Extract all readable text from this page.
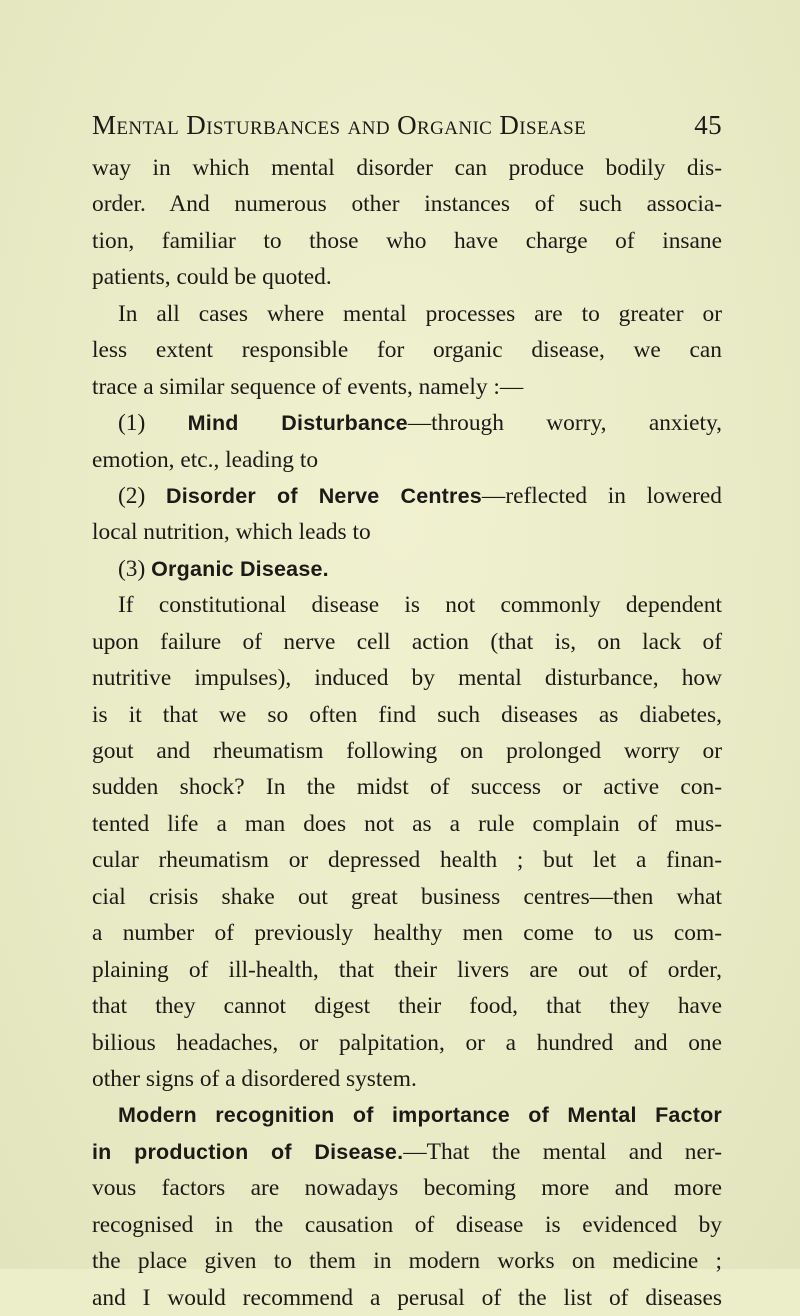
Mental Disturbances and Organic Disease	45
way in which mental disorder can produce bodily dis-
order. And numerous other instances of such associa-
tion, familiar to those who have charge of insane
patients, could be quoted.
In all cases where mental processes are to greater or
less extent responsible for organic disease, we can
trace a similar sequence of events, namely :—
(1) Mind Disturbance—through worry, anxiety,
emotion, etc., leading to
(2) Disorder of Nerve Centres—reflected in lowered
local nutrition, which leads to
(3) Organic Disease.
If constitutional disease is not commonly dependent
upon failure of nerve cell action (that is, on lack of
nutritive impulses), induced by mental disturbance, how
is it that we so often find such diseases as diabetes,
gout and rheumatism following on prolonged worry or
sudden shock? In the midst of success or active con-
tented life a man does not as a rule complain of mus-
cular rheumatism or depressed health ; but let a finan-
cial crisis shake out great business centres—then what
a number of previously healthy men come to us com-
plaining of ill-health, that their livers are out of order,
that they cannot digest their food, that they have
bilious headaches, or palpitation, or a hundred and one
other signs of a disordered system.
Modern recognition of importance of Mental Factor
in production of Disease.—That the mental and ner-
vous factors are nowadays becoming more and more
recognised in the causation of disease is evidenced by
the place given to them in modern works on medicine ;
and I would recommend a perusal of the list of diseases
